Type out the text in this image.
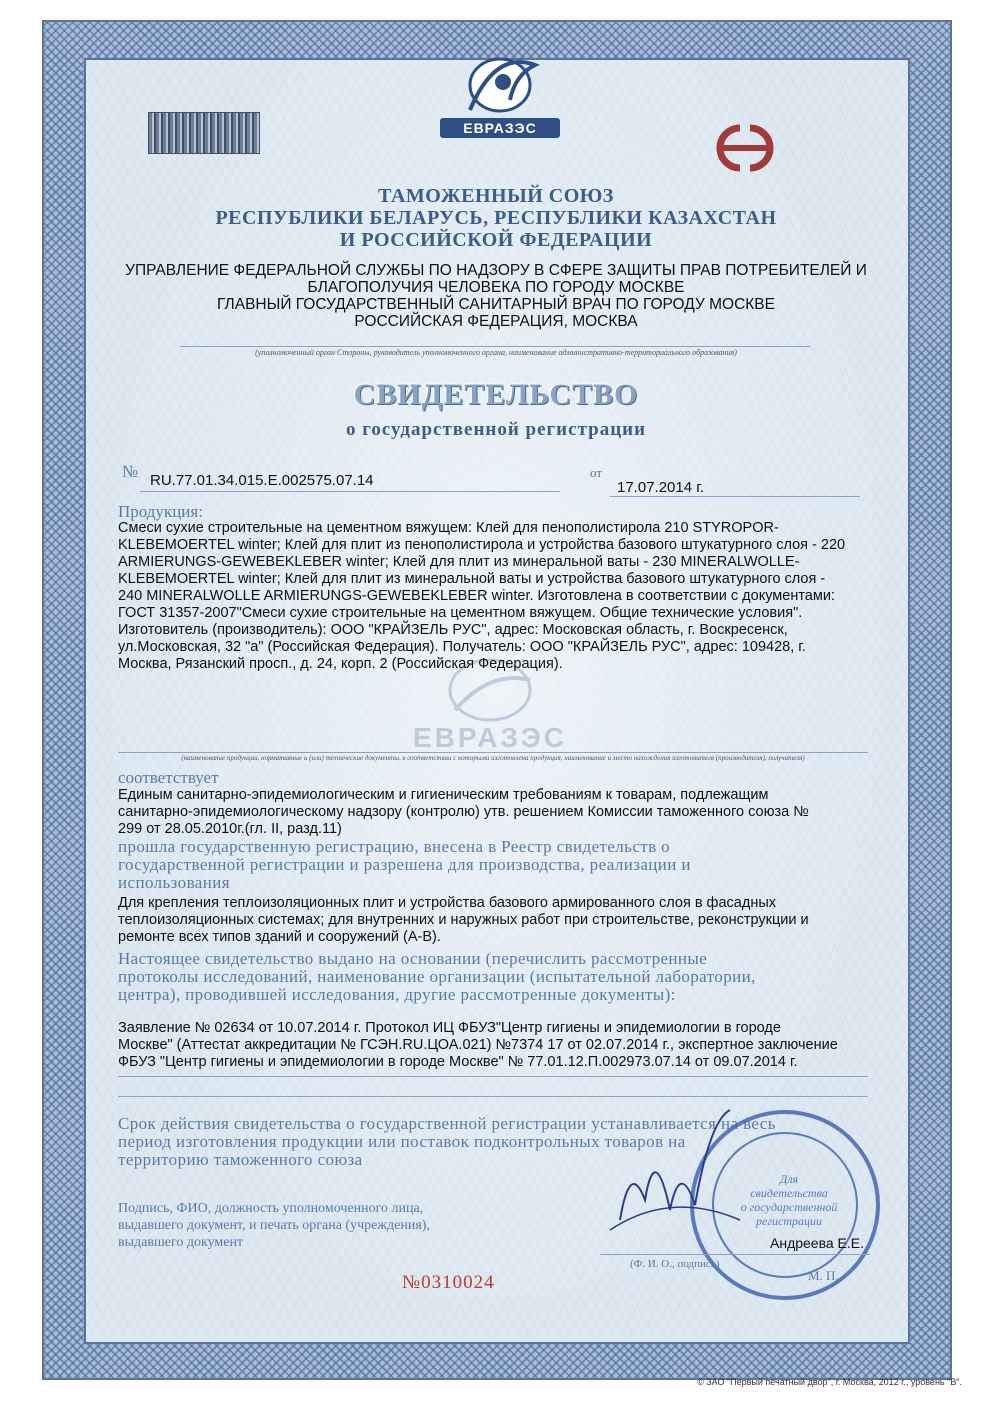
ЕВРАЗЭС
ЕВРАЗЭС
ТАМОЖЕННЫЙ СОЮЗ
РЕСПУБЛИКИ БЕЛАРУСЬ, РЕСПУБЛИКИ КАЗАХСТАН
И РОССИЙСКОЙ ФЕДЕРАЦИИ
УПРАВЛЕНИЕ ФЕДЕРАЛЬНОЙ СЛУЖБЫ ПО НАДЗОРУ В СФЕРЕ ЗАЩИТЫ ПРАВ ПОТРЕБИТЕЛЕЙ И
БЛАГОПОЛУЧИЯ ЧЕЛОВЕКА ПО ГОРОДУ МОСКВЕ
ГЛАВНЫЙ ГОСУДАРСТВЕННЫЙ САНИТАРНЫЙ ВРАЧ ПО ГОРОДУ МОСКВЕ
РОССИЙСКАЯ ФЕДЕРАЦИЯ, МОСКВА
(уполномоченный орган Стороны, руководитель уполномоченного органа, наименование административно-территориального образования)
СВИДЕТЕЛЬСТВО
о государственной регистрации
№ RU.77.01.34.015.Е.002575.07.14	от
17.07.2014 г.
Продукция:
Смеси сухие строительные на цементном вяжущем: Клей для пенополистирола 210 STYROPOR-
KLEBEMOERTEL winter; Клей для плит из пенополистирола и устройства базового штукатурного слоя - 220
ARMIERUNGS-GEWEBEKLEBER winter; Клей для плит из минеральной ваты - 230 MINERALWOLLE-
KLEBEMOERTEL winter; Клей для плит из минеральной ваты и устройства базового штукатурного слоя -
240 MINERALWOLLE ARMIERUNGS-GEWEBEKLEBER winter. Изготовлена в соответствии с документами:
ГОСТ 31357-2007"Смеси сухие строительные на цементном вяжущем. Общие технические условия".
Изготовитель (производитель): ООО "КРАЙЗЕЛЬ РУС", адрес: Московская область, г. Воскресенск,
ул.Московская, 32 "а" (Российская Федерация). Получатель: ООО "КРАЙЗЕЛЬ РУС", адрес: 109428, г.
Москва, Рязанский просп., д. 24, корп. 2 (Российская Федерация).
(наименование продукции, нормативные и (или) технические документы, в соответствии с которыми изготовлена продукция, наименование и место нахождения изготовителя (производителя), получателя)
соответствует
Единым санитарно-эпидемиологическим и гигиеническим требованиям к товарам, подлежащим
санитарно-эпидемиологическому надзору (контролю) утв. решением Комиссии таможенного союза №
299 от 28.05.2010г.(гл. II, разд.11)
прошла государственную регистрацию, внесена в Реестр свидетельств о
государственной регистрации и разрешена для производства, реализации и
использования
Для крепления теплоизоляционных плит и устройства базового армированного слоя в фасадных
теплоизоляционных системах; для внутренних и наружных работ при строительстве, реконструкции и
ремонте всех типов зданий и сооружений (А-В).
Настоящее свидетельство выдано на основании (перечислить рассмотренные
протоколы исследований, наименование организации (испытательной лаборатории,
центра), проводившей исследования, другие рассмотренные документы):
Заявление № 02634 от 10.07.2014 г. Протокол ИЦ ФБУЗ"Центр гигиены и эпидемиологии в городе
Москве" (Аттестат аккредитации № ГСЭН.RU.ЦОА.021) №7374 17 от 02.07.2014 г., экспертное заключение
ФБУЗ "Центр гигиены и эпидемиологии в городе Москве" № 77.01.12.П.002973.07.14 от 09.07.2014 г.
Срок действия свидетельства о государственной регистрации устанавливается на весь
период изготовления продукции или поставок подконтрольных товаров на
территорию таможенного союза
Подпись, ФИО, должность уполномоченного лица,
выдавшего документ, и печать органа (учреждения),
выдавшего документ
Для
свидетельства
о государственной
регистрации
Андреева Е.Е.
(Ф. И. О., подпись)
М. П.
№0310024
© ЗАО "Первый печатный двор", г. Москва, 2012 г., уровень "В".
